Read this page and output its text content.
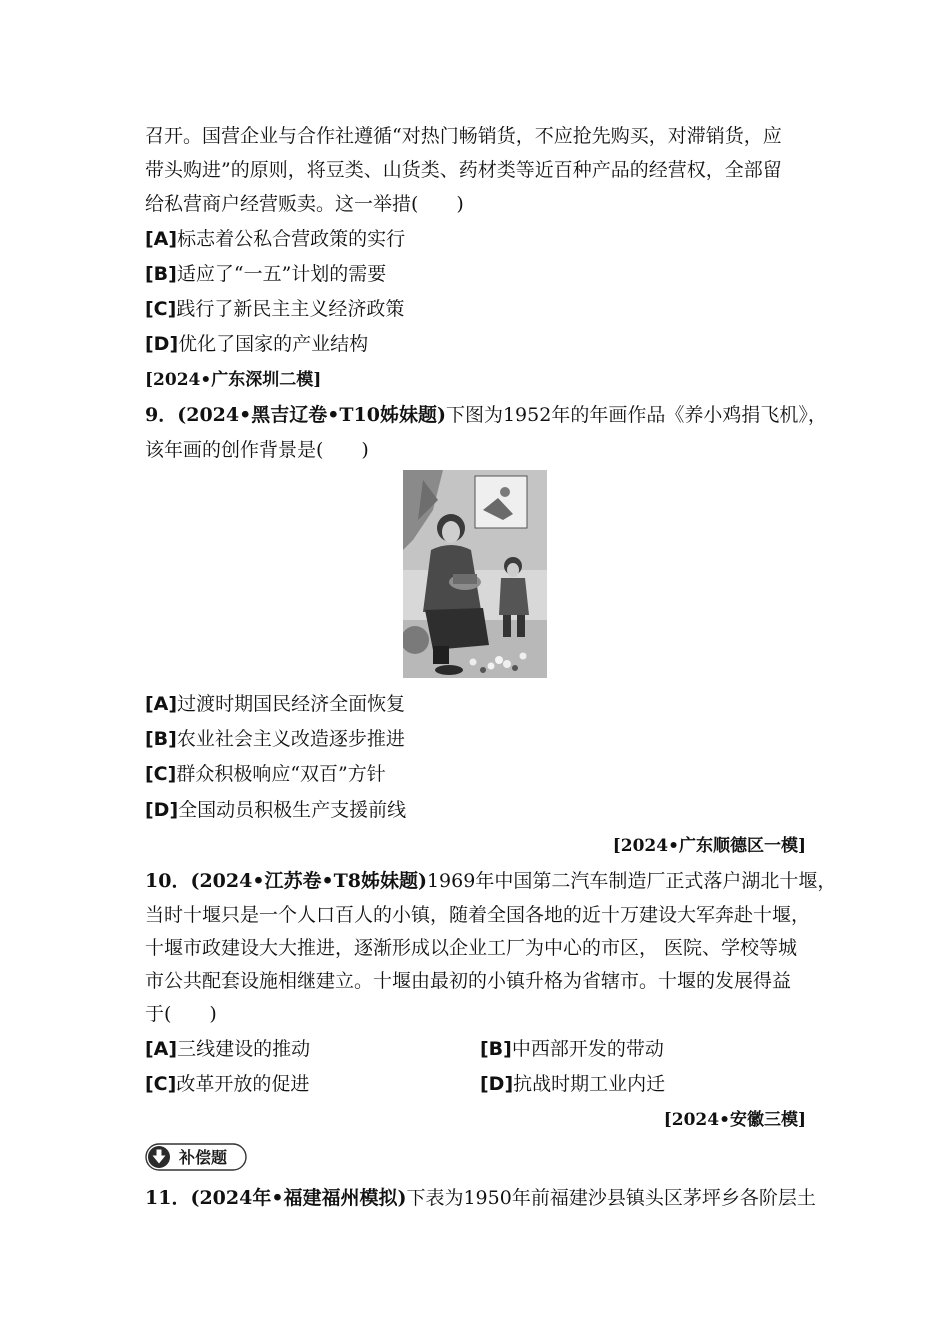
召开。国营企业与合作社遵循“对热门畅销货，不应抢先购买，对滞销货，应
带头购进”的原则，将豆类、山货类、药材类等近百种产品的经营权，全部留
给私营商户经营贩卖。这一举措(　　)
[A]标志着公私合营政策的实行
[B]适应了“一五”计划的需要
[C]践行了新民主主义经济政策
[D]优化了国家的产业结构
[2024•广东深圳二模]
9．(2024•黑吉辽卷•T10姊妹题)下图为1952年的年画作品《养小鸡捐飞机》，
该年画的创作背景是(　　)
[A]过渡时期国民经济全面恢复
[B]农业社会主义改造逐步推进
[C]群众积极响应“双百”方针
[D]全国动员积极生产支援前线
[2024•广东顺德区一模]
10．(2024•江苏卷•T8姊妹题)1969年中国第二汽车制造厂正式落户湖北十堰，
当时十堰只是一个人口百人的小镇，随着全国各地的近十万建设大军奔赴十堰，
十堰市政建设大大推进，逐渐形成以企业工厂为中心的市区， 医院、学校等城
市公共配套设施相继建立。十堰由最初的小镇升格为省辖市。十堰的发展得益
于(　　)
[A]三线建设的推动	[B]中西部开发的带动
[C]改革开放的促进	[D]抗战时期工业内迁
[2024•安徽三模]
补偿题
11．(2024年•福建福州模拟)下表为1950年前福建沙县镇头区茅坪乡各阶层土
